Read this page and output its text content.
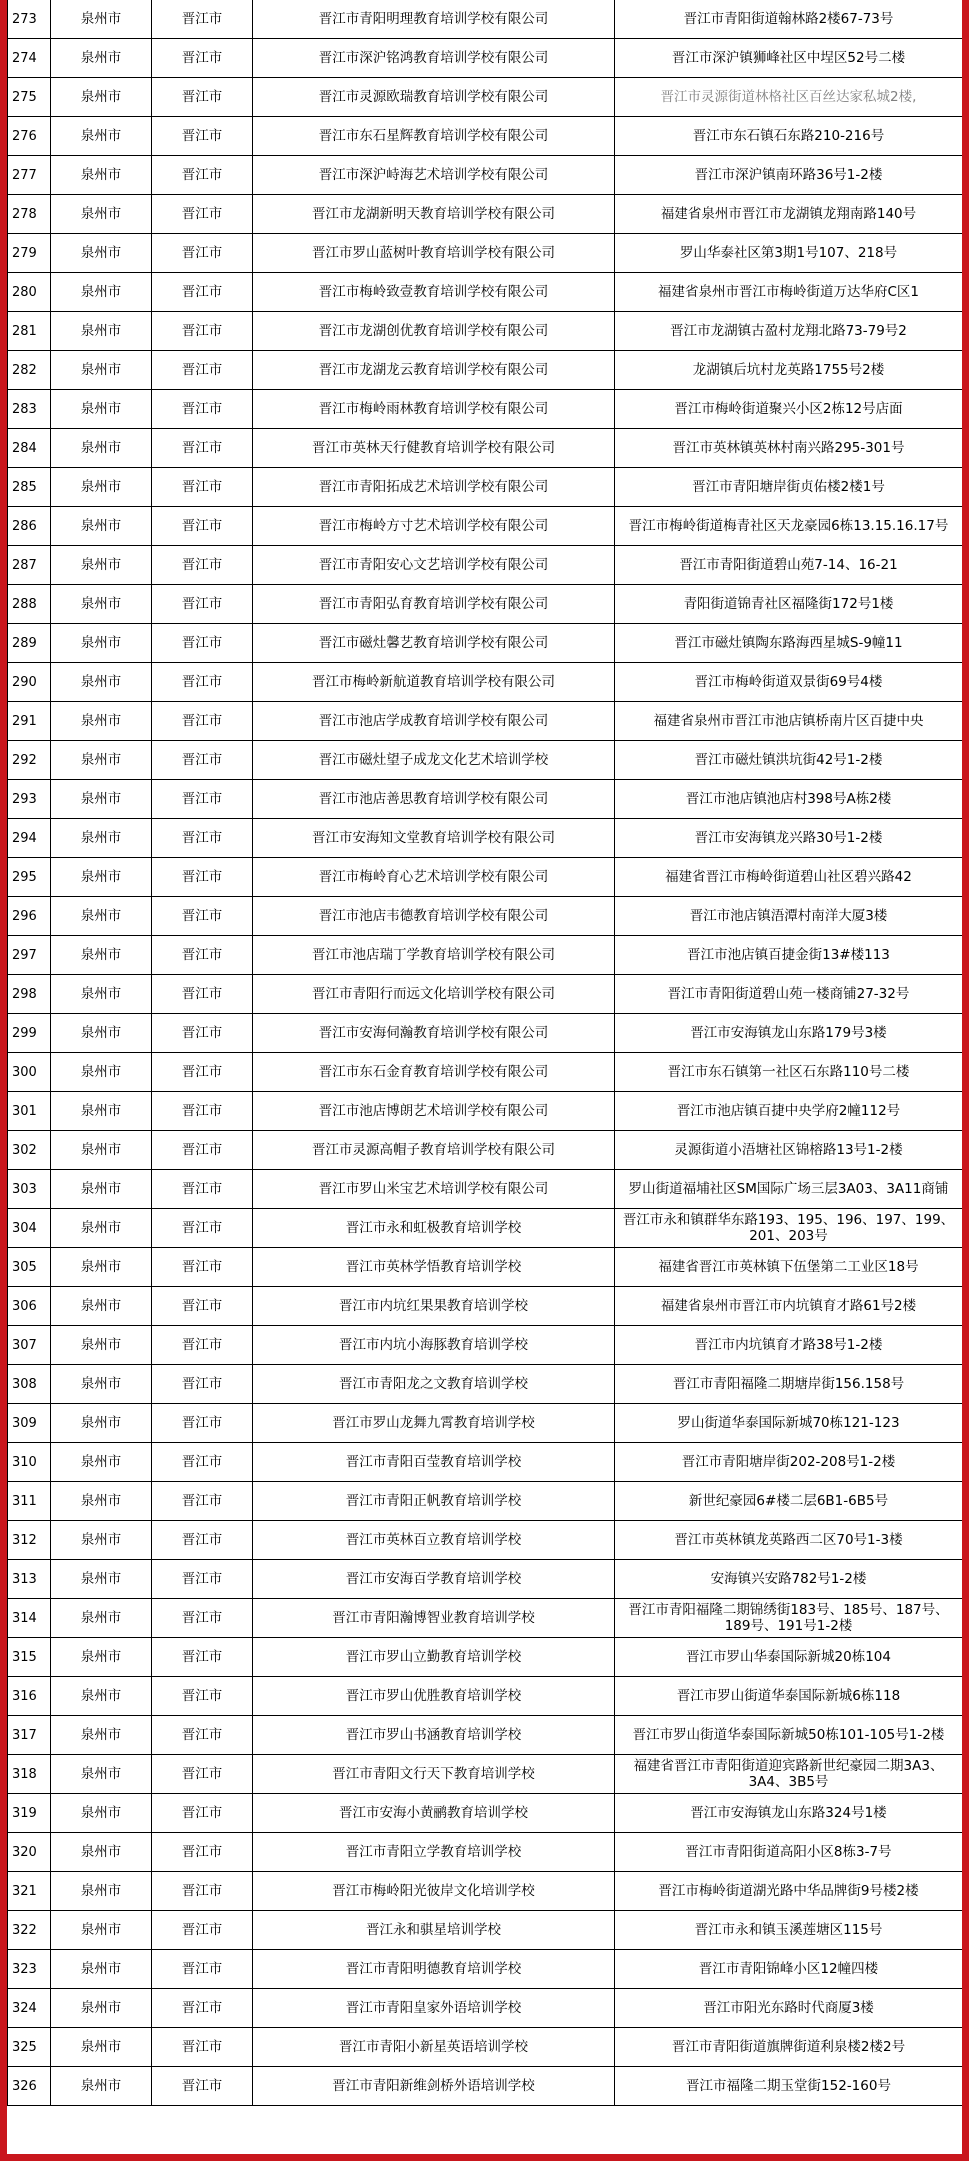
273	泉州市	晋江市	晋江市青阳明理教育培训学校有限公司	晋江市青阳街道翰林路2楼67-73号
274	泉州市	晋江市	晋江市深沪铭鸿教育培训学校有限公司	晋江市深沪镇狮峰社区中埕区52号二楼
275	泉州市	晋江市	晋江市灵源欧瑞教育培训学校有限公司	晋江市灵源街道林格社区百丝达家私城2楼,
276	泉州市	晋江市	晋江市东石星辉教育培训学校有限公司	晋江市东石镇石东路210-216号
277	泉州市	晋江市	晋江市深沪峙海艺术培训学校有限公司	晋江市深沪镇南环路36号1-2楼
278	泉州市	晋江市	晋江市龙湖新明天教育培训学校有限公司	福建省泉州市晋江市龙湖镇龙翔南路140号
279	泉州市	晋江市	晋江市罗山蓝树叶教育培训学校有限公司	罗山华泰社区第3期1号107、218号
280	泉州市	晋江市	晋江市梅岭致壹教育培训学校有限公司	福建省泉州市晋江市梅岭街道万达华府C区1
281	泉州市	晋江市	晋江市龙湖创优教育培训学校有限公司	晋江市龙湖镇古盈村龙翔北路73-79号2
282	泉州市	晋江市	晋江市龙湖龙云教育培训学校有限公司	龙湖镇后坑村龙英路1755号2楼
283	泉州市	晋江市	晋江市梅岭雨林教育培训学校有限公司	晋江市梅岭街道聚兴小区2栋12号店面
284	泉州市	晋江市	晋江市英林天行健教育培训学校有限公司	晋江市英林镇英林村南兴路295-301号
285	泉州市	晋江市	晋江市青阳拓成艺术培训学校有限公司	晋江市青阳塘岸街贞佑楼2楼1号
286	泉州市	晋江市	晋江市梅岭方寸艺术培训学校有限公司	晋江市梅岭街道梅青社区天龙豪园6栋13.15.16.17号
287	泉州市	晋江市	晋江市青阳安心文艺培训学校有限公司	晋江市青阳街道碧山苑7-14、16-21
288	泉州市	晋江市	晋江市青阳弘育教育培训学校有限公司	青阳街道锦青社区福隆街172号1楼
289	泉州市	晋江市	晋江市磁灶馨艺教育培训学校有限公司	晋江市磁灶镇陶东路海西星城S-9幢11
290	泉州市	晋江市	晋江市梅岭新航道教育培训学校有限公司	晋江市梅岭街道双景街69号4楼
291	泉州市	晋江市	晋江市池店学成教育培训学校有限公司	福建省泉州市晋江市池店镇桥南片区百捷中央
292	泉州市	晋江市	晋江市磁灶望子成龙文化艺术培训学校	晋江市磁灶镇洪坑街42号1-2楼
293	泉州市	晋江市	晋江市池店善思教育培训学校有限公司	晋江市池店镇池店村398号A栋2楼
294	泉州市	晋江市	晋江市安海知文堂教育培训学校有限公司	晋江市安海镇龙兴路30号1-2楼
295	泉州市	晋江市	晋江市梅岭育心艺术培训学校有限公司	福建省晋江市梅岭街道碧山社区碧兴路42
296	泉州市	晋江市	晋江市池店韦德教育培训学校有限公司	晋江市池店镇浯潭村南洋大厦3楼
297	泉州市	晋江市	晋江市池店瑞丁学教育培训学校有限公司	晋江市池店镇百捷金街13#楼113
298	泉州市	晋江市	晋江市青阳行而远文化培训学校有限公司	晋江市青阳街道碧山苑一楼商铺27-32号
299	泉州市	晋江市	晋江市安海伺瀚教育培训学校有限公司	晋江市安海镇龙山东路179号3楼
300	泉州市	晋江市	晋江市东石金育教育培训学校有限公司	晋江市东石镇第一社区石东路110号二楼
301	泉州市	晋江市	晋江市池店博朗艺术培训学校有限公司	晋江市池店镇百捷中央学府2幢112号
302	泉州市	晋江市	晋江市灵源高帽子教育培训学校有限公司	灵源街道小浯塘社区锦榕路13号1-2楼
303	泉州市	晋江市	晋江市罗山米宝艺术培训学校有限公司	罗山街道福埔社区SM国际广场三层3A03、3A11商铺
304	泉州市	晋江市	晋江市永和虹极教育培训学校	晋江市永和镇群华东路193、195、196、197、199、201、203号
305	泉州市	晋江市	晋江市英林学悟教育培训学校	福建省晋江市英林镇下伍堡第二工业区18号
306	泉州市	晋江市	晋江市内坑红果果教育培训学校	福建省泉州市晋江市内坑镇育才路61号2楼
307	泉州市	晋江市	晋江市内坑小海豚教育培训学校	晋江市内坑镇育才路38号1-2楼
308	泉州市	晋江市	晋江市青阳龙之文教育培训学校	晋江市青阳福隆二期塘岸街156.158号
309	泉州市	晋江市	晋江市罗山龙舞九霄教育培训学校	罗山街道华泰国际新城70栋121-123
310	泉州市	晋江市	晋江市青阳百莹教育培训学校	晋江市青阳塘岸街202-208号1-2楼
311	泉州市	晋江市	晋江市青阳正帆教育培训学校	新世纪豪园6#楼二层6B1-6B5号
312	泉州市	晋江市	晋江市英林百立教育培训学校	晋江市英林镇龙英路西二区70号1-3楼
313	泉州市	晋江市	晋江市安海百学教育培训学校	安海镇兴安路782号1-2楼
314	泉州市	晋江市	晋江市青阳瀚博智业教育培训学校	晋江市青阳福隆二期锦绣街183号、185号、187号、189号、191号1-2楼
315	泉州市	晋江市	晋江市罗山立勤教育培训学校	晋江市罗山华泰国际新城20栋104
316	泉州市	晋江市	晋江市罗山优胜教育培训学校	晋江市罗山街道华泰国际新城6栋118
317	泉州市	晋江市	晋江市罗山书涵教育培训学校	晋江市罗山街道华泰国际新城50栋101-105号1-2楼
318	泉州市	晋江市	晋江市青阳文行天下教育培训学校	福建省晋江市青阳街道迎宾路新世纪豪园二期3A3、3A4、3B5号
319	泉州市	晋江市	晋江市安海小黄鹂教育培训学校	晋江市安海镇龙山东路324号1楼
320	泉州市	晋江市	晋江市青阳立学教育培训学校	晋江市青阳街道高阳小区8栋3-7号
321	泉州市	晋江市	晋江市梅岭阳光彼岸文化培训学校	晋江市梅岭街道湖光路中华品牌街9号楼2楼
322	泉州市	晋江市	晋江永和骐星培训学校	晋江市永和镇玉溪莲塘区115号
323	泉州市	晋江市	晋江市青阳明德教育培训学校	晋江市青阳锦峰小区12幢四楼
324	泉州市	晋江市	晋江市青阳皇家外语培训学校	晋江市阳光东路时代商厦3楼
325	泉州市	晋江市	晋江市青阳小新星英语培训学校	晋江市青阳街道旗牌街道利泉楼2楼2号
326	泉州市	晋江市	晋江市青阳新维剑桥外语培训学校	晋江市福隆二期玉堂街152-160号
